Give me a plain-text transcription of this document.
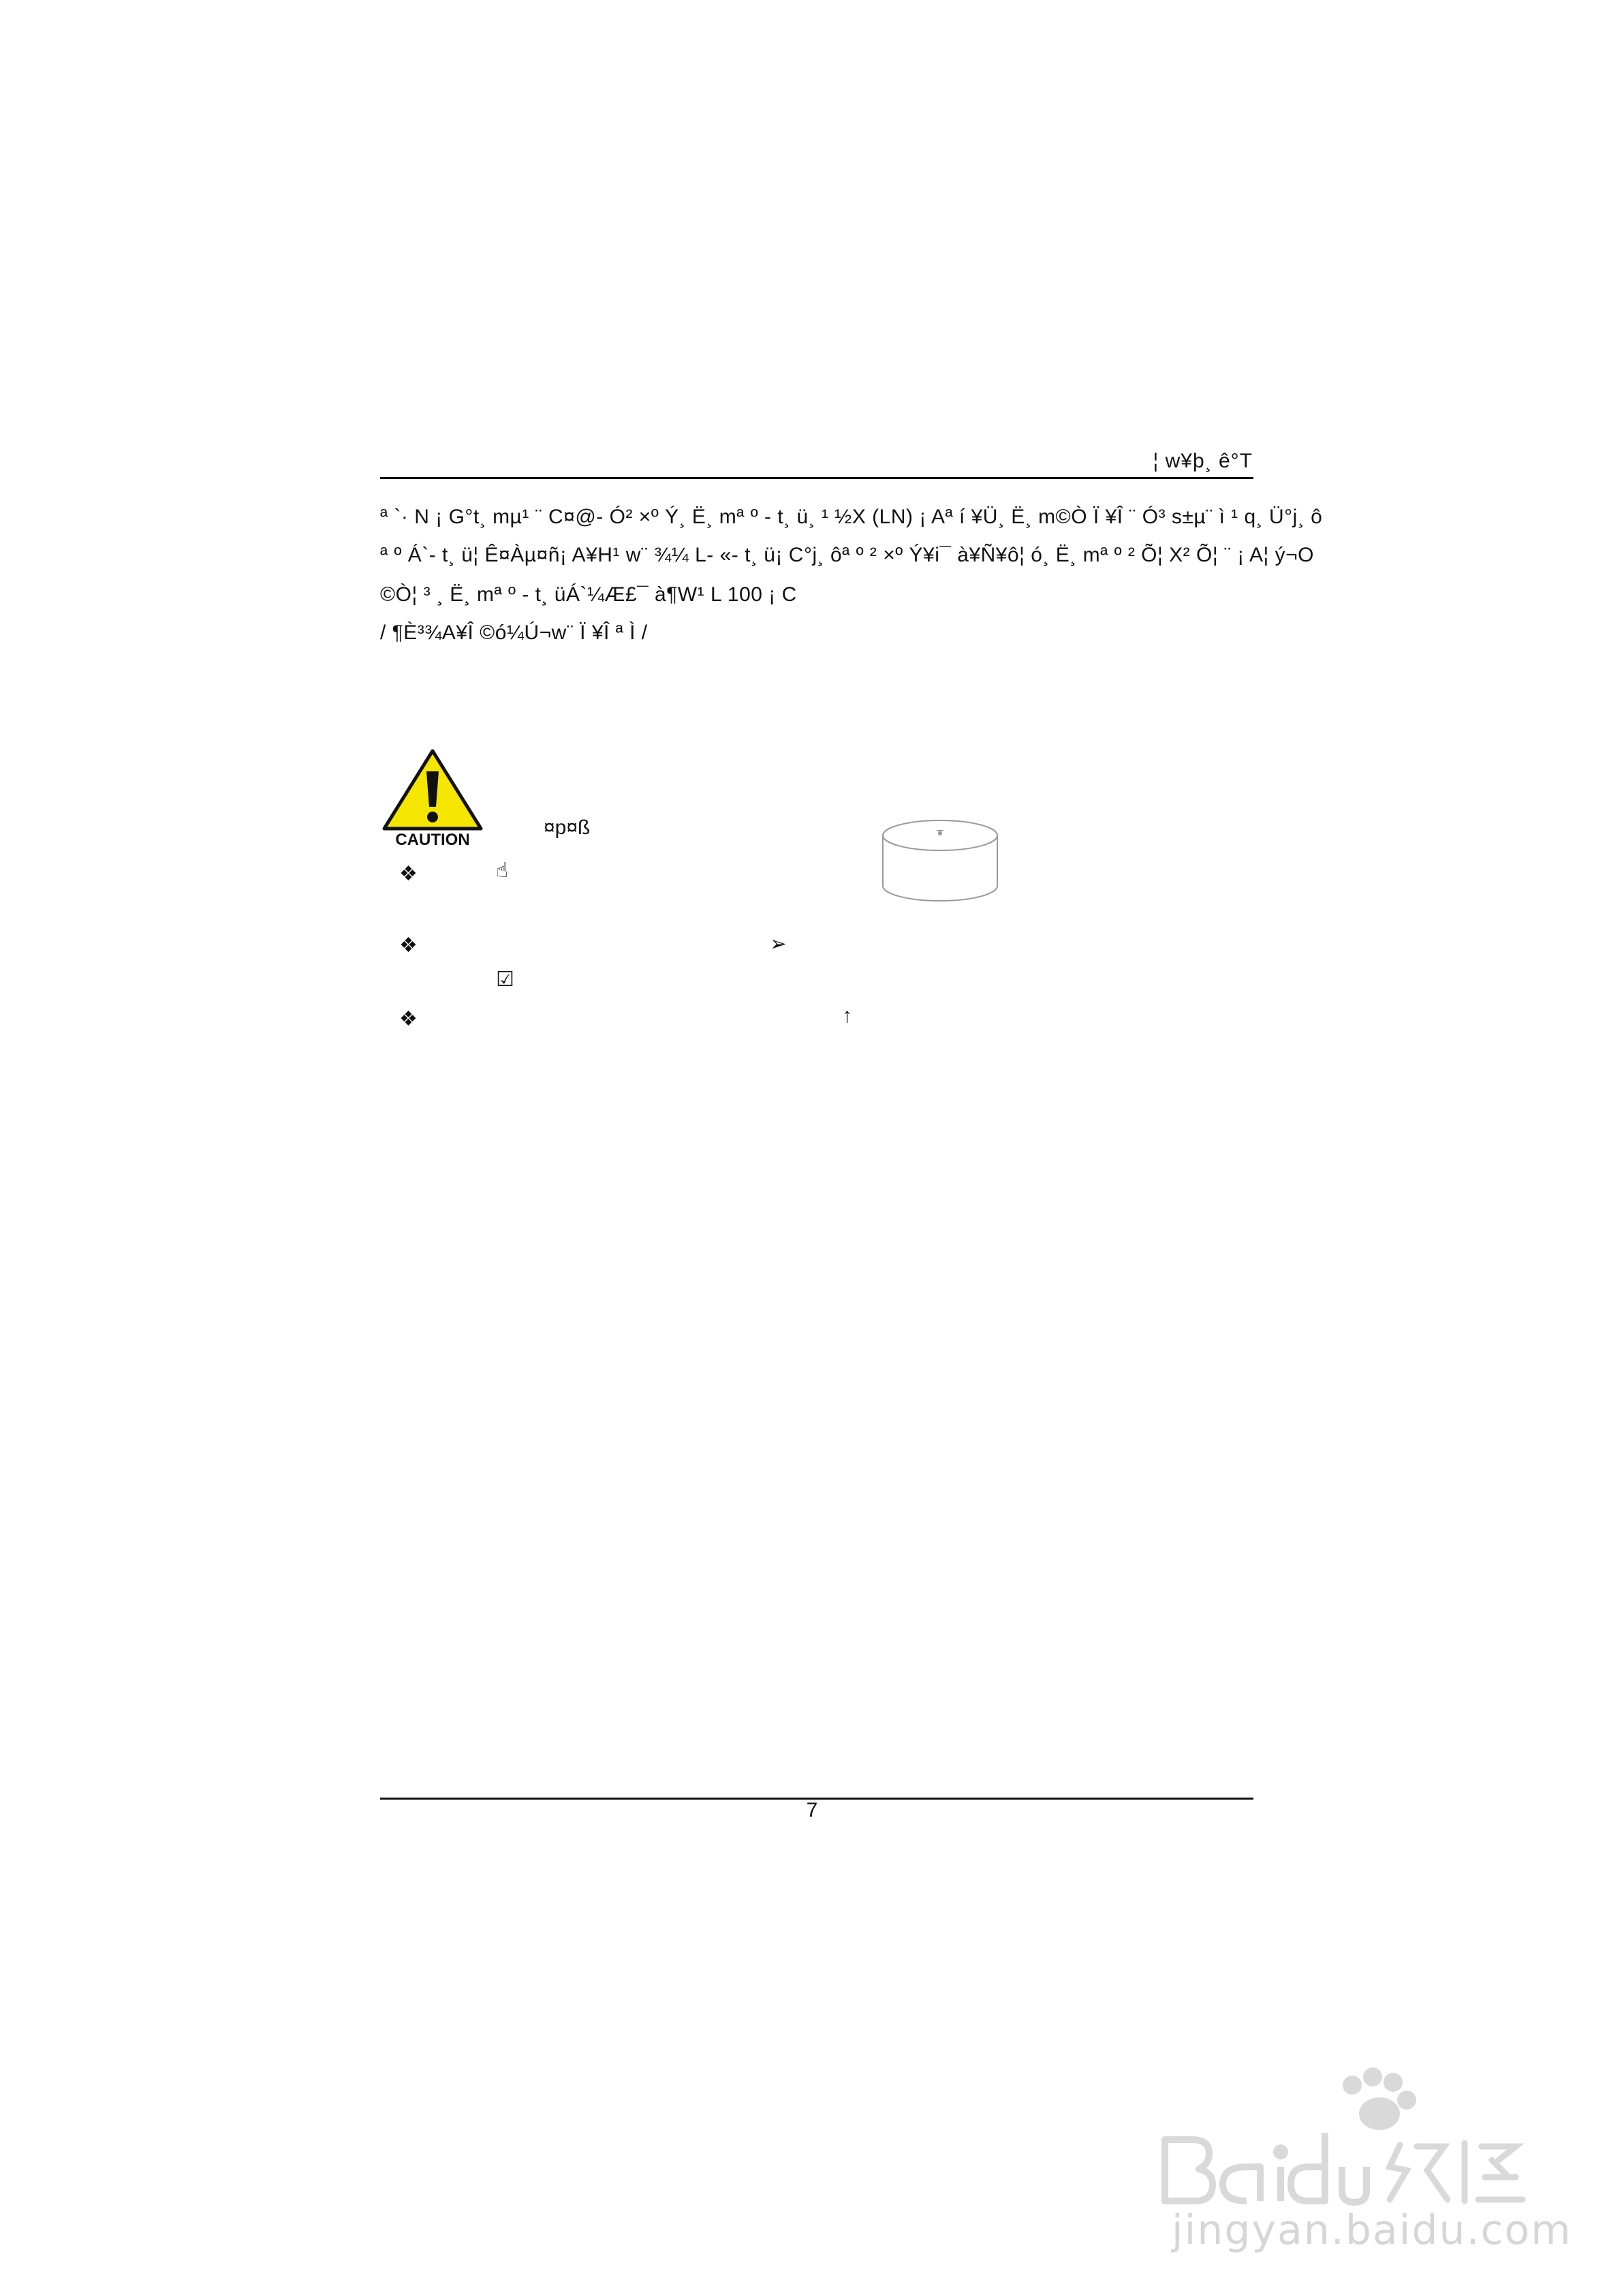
¦ w¥þ¸ ê°T
ª `· N ¡ G°t¸ mµ¹ ¨ C¤@- Ó² ×º Ý¸ Ë¸ mª º - t¸ ü¸ ¹ ½X (LN) ¡ Aª í ¥Ü¸ Ë¸ m©Ò Ï ¥Î ¨ Ó³ s±µ¨ ì ¹ q¸ Ü°j¸ ô
ª º Á`- t¸ ü¦ Ê¤Àµ¤ñ¡ A¥H¹ w¨ ¾¼ L- «- t¸ ü¡ C°j¸ ôª º ² ×º Ý¥i¯ à¥Ñ¥ô¦ ó¸ Ë¸ mª º ² Õ¦ X² Õ¦ ¨ ¡ A¦ ý¬O
©Ò¦ ³ ¸ Ë¸ mª º - t¸ üÁ`¼Æ£¯ à¶W¹ L 100 ¡ C
/ ¶È³¾A¥Î ©ó¼Ú¬w¨ Ï ¥Î ª Ì /
CAUTION
¤p¤ß
❖
❖
❖
☝
➢
☑
↑
7
jingyan.baidu.com
